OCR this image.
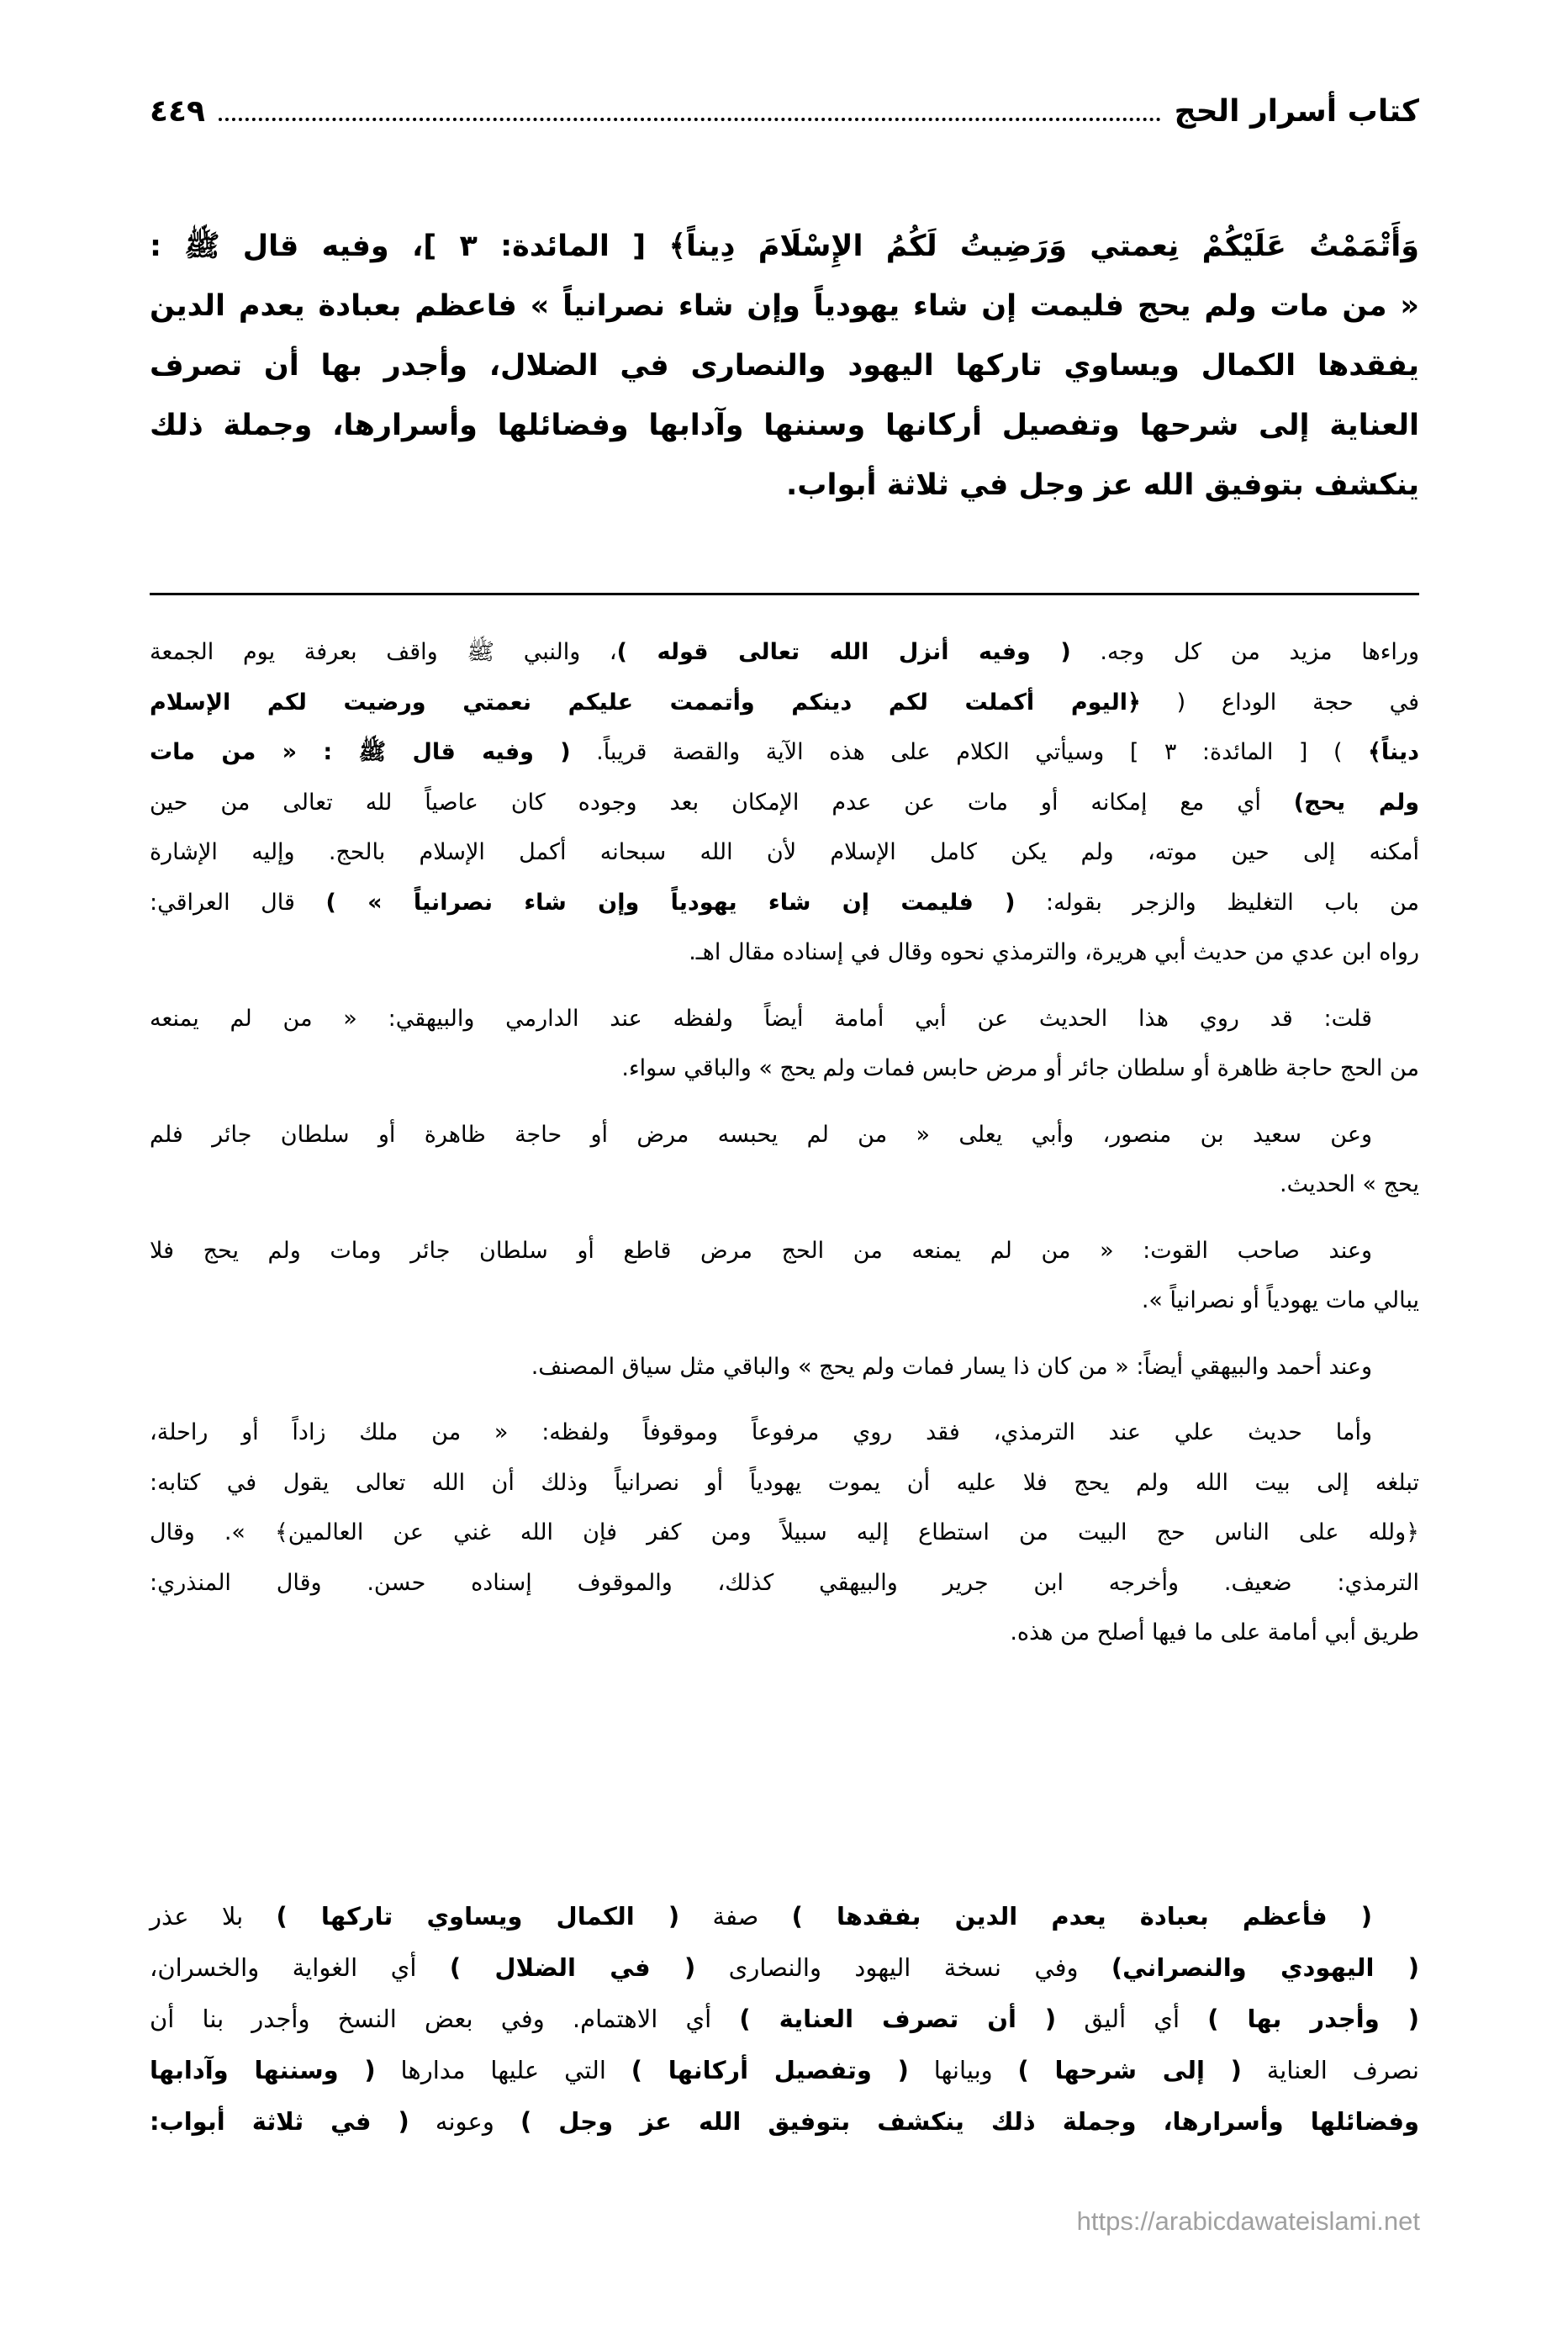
كتاب أسرار الحج
٤٤٩
وَأَتْمَمْتُ عَلَيْكُمْ نِعمتي وَرَضِيتُ لَكُمُ الإِسْلَامَ دِيناً﴾ [ المائدة: ٣ ]، وفيه قال ﷺ :
« من مات ولم يحج فليمت إن شاء يهودياً وإن شاء نصرانياً » فاعظم بعبادة يعدم الدين
يفقدها الكمال ويساوي تاركها اليهود والنصارى في الضلال، وأجدر بها أن تصرف
العناية إلى شرحها وتفصيل أركانها وسننها وآدابها وفضائلها وأسرارها، وجملة ذلك
ينكشف بتوفيق الله عز وجل في ثلاثة أبواب.
وراءها مزيد من كل وجه. ( وفيه أنزل الله تعالى قوله )، والنبي ﷺ واقف بعرفة يوم الجمعة
في حجة الوداع ( ﴿اليوم أكملت لكم دينكم وأتممت عليكم نعمتي ورضيت لكم الإسلام
ديناً﴾ ) [ المائدة: ٣ ] وسيأتي الكلام على هذه الآية والقصة قريباً. ( وفيه قال ﷺ : « من مات
ولم يحج) أي مع إمكانه أو مات عن عدم الإمكان بعد وجوده كان عاصياً لله تعالى من حين
أمكنه إلى حين موته، ولم يكن كامل الإسلام لأن الله سبحانه أكمل الإسلام بالحج. وإليه الإشارة
من باب التغليظ والزجر بقوله: ( فليمت إن شاء يهودياً وإن شاء نصرانياً » ) قال العراقي:
رواه ابن عدي من حديث أبي هريرة، والترمذي نحوه وقال في إسناده مقال اهـ.
قلت: قد روي هذا الحديث عن أبي أمامة أيضاً ولفظه عند الدارمي والبيهقي: « من لم يمنعه
من الحج حاجة ظاهرة أو سلطان جائر أو مرض حابس فمات ولم يحج » والباقي سواء.
وعن سعيد بن منصور، وأبي يعلى « من لم يحبسه مرض أو حاجة ظاهرة أو سلطان جائر فلم
يحج » الحديث.
وعند صاحب القوت: « من لم يمنعه من الحج مرض قاطع أو سلطان جائر ومات ولم يحج فلا
يبالي مات يهودياً أو نصرانياً ».
وعند أحمد والبيهقي أيضاً: « من كان ذا يسار فمات ولم يحج » والباقي مثل سياق المصنف.
وأما حديث علي عند الترمذي، فقد روي مرفوعاً وموقوفاً ولفظه: « من ملك زاداً أو راحلة،
تبلغه إلى بيت الله ولم يحج فلا عليه أن يموت يهودياً أو نصرانياً وذلك أن الله تعالى يقول في كتابه:
﴿ولله على الناس حج البيت من استطاع إليه سبيلاً ومن كفر فإن الله غني عن العالمين﴾ ». وقال
الترمذي: ضعيف. وأخرجه ابن جرير والبيهقي كذلك، والموقوف إسناده حسن. وقال المنذري:
طريق أبي أمامة على ما فيها أصلح من هذه.
( فأعظم بعبادة يعدم الدين بفقدها ) صفة ( الكمال ويساوي تاركها ) بلا عذر
( اليهودي والنصراني) وفي نسخة اليهود والنصارى ( في الضلال ) أي الغواية والخسران،
( وأجدر بها ) أي أليق ( أن تصرف العناية ) أي الاهتمام. وفي بعض النسخ وأجدر بنا أن
نصرف العناية ( إلى شرحها ) وبيانها ( وتفصيل أركانها ) التي عليها مدارها ( وسننها وآدابها
وفضائلها وأسرارها، وجملة ذلك ينكشف بتوفيق الله عز وجل ) وعونه ( في ثلاثة أبواب:
https://arabicdawateislami.net
